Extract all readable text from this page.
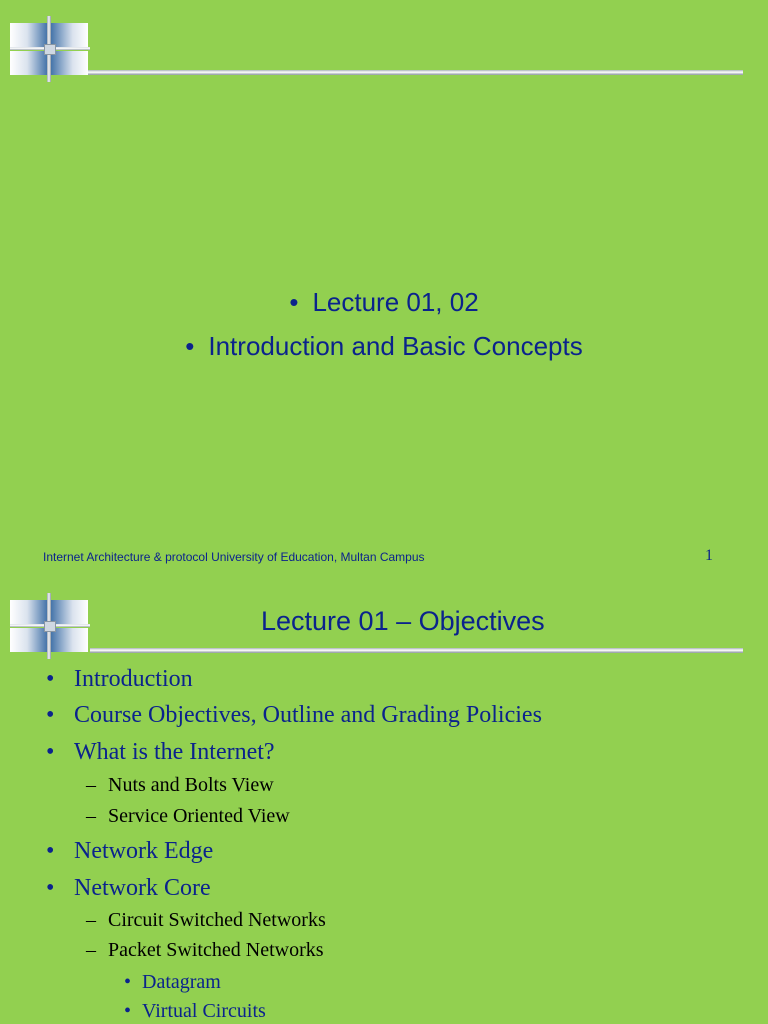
• Lecture 01, 02
• Introduction and Basic Concepts
Internet Architecture & protocol University of Education, Multan Campus	1
Lecture 01 – Objectives
• Introduction
• Course Objectives, Outline and Grading Policies
• What is the Internet?
– Nuts and Bolts View
– Service Oriented View
• Network Edge
• Network Core
– Circuit Switched Networks
– Packet Switched Networks
• Datagram
• Virtual Circuits
